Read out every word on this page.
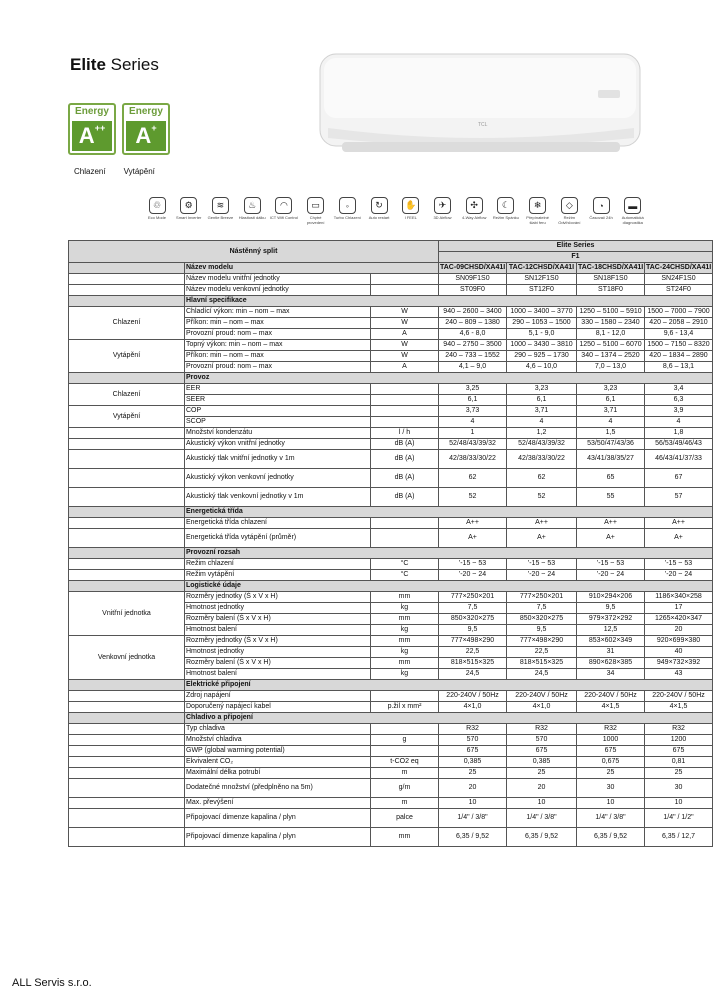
Elite Series
Energy
A++
Energy
A+
Chlazení Vytápění
TCL
♲
Eco Mode
⚙
Smart Inverter
≋
Gentle Breeze
♨
Hlasitosti dálku
◠
ICT Wifi Control
▭
Chytré provedení
◦
Turbo Chlazení
↻
Auto restart
✋
I FEEL
✈
3D Airflow
✣
4-Way Airflow
☾
Režim Spánku
❄
Přepínatelné šlabi feru
◇
Režim Odvlhčování
◔
Časovač 24h
▬
Automatická diagnostika
Nástěnný split			Elite Series			
			F1			
	Název modelu		TAC-09CHSD/XA41I	TAC-12CHSD/XA41I	TAC-18CHSD/XA41I	TAC-24CHSD/XA41I
	Název modelu vnitřní jednotky		SN09F1S0	SN12F1S0	SN18F1S0	SN24F1S0
	Název modelu venkovní jednotky		ST09F0	ST12F0	ST18F0	ST24F0
	Hlavní specifikace					
Chlazení	Chladící výkon: min – nom – max	W	940 – 2600 – 3400	1000 – 3400 – 3770	1250 – 5100 – 5910	1500 – 7000 – 7900
	Příkon: min – nom – max	W	240 – 809 – 1380	290 – 1053 – 1500	330 – 1580 – 2340	420 – 2058 – 2910
	Provozní proud: nom – max	A	4,6 - 8,0	5,1 - 9,0	8,1 - 12,0	9,6 - 13,4
Vytápění	Topný výkon: min – nom – max	W	940 – 2750 – 3500	1000 – 3430 – 3810	1250 – 5100 – 6070	1500 – 7150 – 8320
	Příkon: min – nom – max	W	240 – 733 – 1552	290 – 925 – 1730	340 – 1374 – 2520	420 – 1834 – 2890
	Provozní proud: nom – max	A	4,1 – 9,0	4,6 – 10,0	7,0 – 13,0	8,6 – 13,1
	Provoz					
Chlazení	EER		3,25	3,23	3,23	3,4
	SEER		6,1	6,1	6,1	6,3
Vytápění	COP		3,73	3,71	3,71	3,9
	SCOP		4	4	4	4
	Množství kondenzátu	l / h	1	1,2	1,5	1,8
	Akustický výkon vnitřní jednotky	dB (A)	52/48/43/39/32	52/48/43/39/32	53/50/47/43/36	56/53/49/46/43
	Akustický tlak vnitřní jednotky v 1m	dB (A)	42/38/33/30/22	42/38/33/30/22	43/41/38/35/27	46/43/41/37/33
	Akustický výkon venkovní jednotky	dB (A)	62	62	65	67
	Akustický tlak venkovní jednotky v 1m	dB (A)	52	52	55	57
	Energetická třída					
	Energetická třída chlazení		A++	A++	A++	A++
	Energetická třída vytápění (průměr)		A+	A+	A+	A+
	Provozní rozsah					
	Režim chlazení	°C	'-15 ~ 53	'-15 ~ 53	'-15 ~ 53	'-15 ~ 53
	Režim vytápění	°C	'-20 ~ 24	'-20 ~ 24	'-20 ~ 24	'-20 ~ 24
	Logistické údaje					
Vnitřní jednotka	Rozměry jednotky (Š x V x H)	mm	777×250×201	777×250×201	910×294×206	1186×340×258
	Hmotnost jednotky	kg	7,5	7,5	9,5	17
	Rozměry balení (Š x V x H)	mm	850×320×275	850×320×275	979×372×292	1265×420×347
	Hmotnost balení	kg	9,5	9,5	12,5	20
Venkovní jednotka	Rozměry jednotky (Š x V x H)	mm	777×498×290	777×498×290	853×602×349	920×699×380
	Hmotnost jednotky	kg	22,5	22,5	31	40
	Rozměry balení (Š x V x H)	mm	818×515×325	818×515×325	890×628×385	949×732×392
	Hmotnost balení	kg	24,5	24,5	34	43
	Elektrické připojení					
	Zdroj napájení		220-240V / 50Hz	220-240V / 50Hz	220-240V / 50Hz	220-240V / 50Hz
	Doporučený napájecí kabel	p.žil x mm²	4×1,0	4×1,0	4×1,5	4×1,5
	Chladivo a připojení					
	Typ chladiva		R32	R32	R32	R32
	Množství chladiva	g	570	570	1000	1200
	GWP (global warming potential)		675	675	675	675
	Ekvivalent CO₂	t-CO2 eq	0,385	0,385	0,675	0,81
	Maximální délka potrubí	m	25	25	25	25
	Dodatečné množství (předplněno na 5m)	g/m	20	20	30	30
	Max. převýšení	m	10	10	10	10
	Připojovací dimenze kapalina / plyn	palce	1/4" / 3/8"	1/4" / 3/8"	1/4" / 3/8"	1/4" / 1/2"
	Připojovací dimenze kapalina / plyn	mm	6,35 / 9,52	6,35 / 9,52	6,35 / 9,52	6,35 / 12,7
ALL Servis s.r.o.
